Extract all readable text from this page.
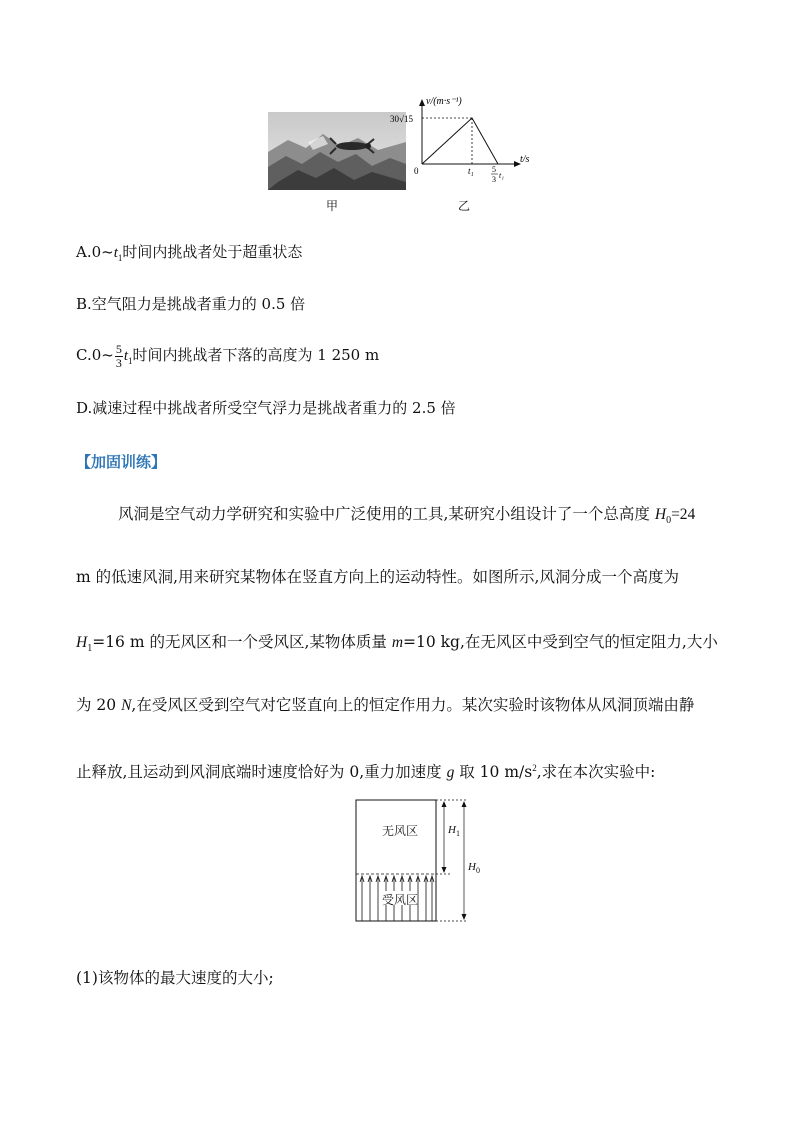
甲
v/(m·s⁻¹)
t/s
30√15
0	t₁ 5
3 t₁
乙
$A.0\sim t_1$时间内挑战者处于超重状态
B.空气阻力是挑战者重力的 0.5 倍
C.0~ $\frac{5}{3} t_1$时间内挑战者下落的高度为 1 250 m
D.减速过程中挑战者所受空气浮力是挑战者重力的 2.5 倍
【加固训练】
风洞是空气动力学研究和实验中广泛使用的工具,某研究小组设计了一个总高度 $H_0=24$
m 的低速风洞,用来研究某物体在竖直方向上的运动特性。如图所示,风洞分成一个高度为
$H_1=16$ m 的无风区和一个受风区,某物体质量 m=10 kg,在无风区中受到空气的恒定阻力,大小
为 20 N,在受风区受到空气对它竖直向上的恒定作用力。某次实验时该物体从风洞顶端由静
止释放,且运动到风洞底端时速度恰好为 0,重力加速度 g 取 10 $m/s^2$,求在本次实验中:
无风区
受风区
$H_1$
$H_0$
(1)该物体的最大速度的大小;
